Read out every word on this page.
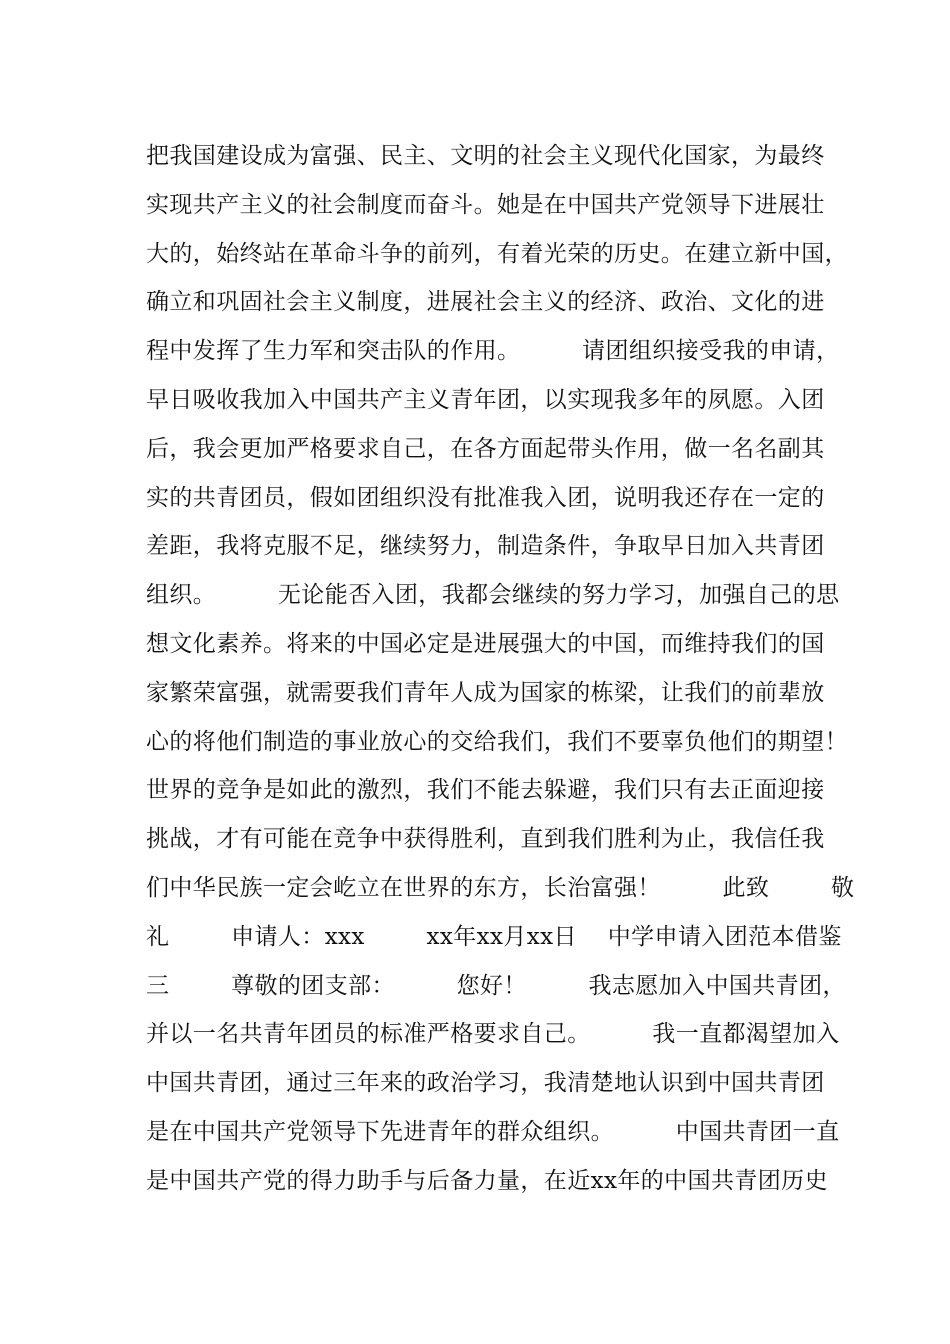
把我国建设成为富强、民主、文明的社会主义现代化国家，为最终
实现共产主义的社会制度而奋斗。她是在中国共产党领导下进展壮
大的，始终站在革命斗争的前列，有着光荣的历史。在建立新中国，
确立和巩固社会主义制度，进展社会主义的经济、政治、文化的进
程中发挥了生力军和突击队的作用。        请团组织接受我的申请，
早日吸收我加入中国共产主义青年团，以实现我多年的夙愿。入团
后，我会更加严格要求自己，在各方面起带头作用，做一名名副其
实的共青团员，假如团组织没有批准我入团，说明我还存在一定的
差距，我将克服不足，继续努力，制造条件，争取早日加入共青团
组织。        无论能否入团，我都会继续的努力学习，加强自己的思
想文化素养。将来的中国必定是进展强大的中国，而维持我们的国
家繁荣富强，就需要我们青年人成为国家的栋梁，让我们的前辈放
心的将他们制造的事业放心的交给我们，我们不要辜负他们的期望！
世界的竞争是如此的激烈，我们不能去躲避，我们只有去正面迎接
挑战，才有可能在竞争中获得胜利，直到我们胜利为止，我信任我
们中华民族一定会屹立在世界的东方，长治富强！        此致        敬
礼        申请人：xxx        xx年xx月xx日    中学申请入团范本借鉴
三        尊敬的团支部：        您好！        我志愿加入中国共青团，
并以一名共青年团员的标准严格要求自己。        我一直都渴望加入
中国共青团，通过三年来的政治学习，我清楚地认识到中国共青团
是在中国共产党领导下先进青年的群众组织。        中国共青团一直
是中国共产党的得力助手与后备力量，在近xx年的中国共青团历史
